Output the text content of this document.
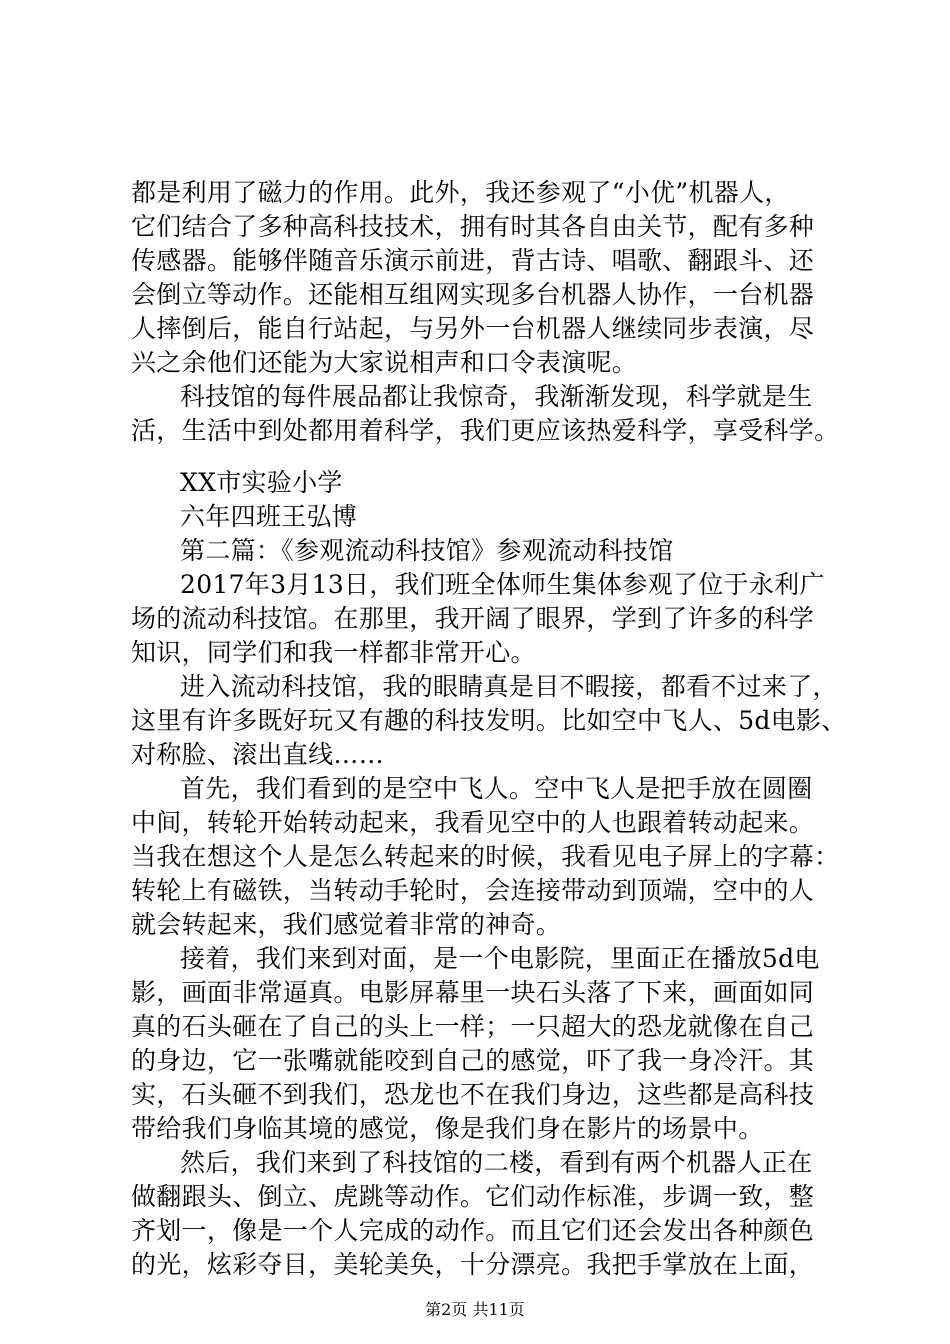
都是利用了磁力的作用。此外，我还参观了“小优”机器人，
它们结合了多种高科技技术，拥有时其各自由关节，配有多种
传感器。能够伴随音乐演示前进，背古诗、唱歌、翻跟斗、还
会倒立等动作。还能相互组网实现多台机器人协作，一台机器
人摔倒后，能自行站起，与另外一台机器人继续同步表演，尽
兴之余他们还能为大家说相声和口令表演呢。
科技馆的每件展品都让我惊奇，我渐渐发现，科学就是生
活，生活中到处都用着科学，我们更应该热爱科学，享受科学。
XX市实验小学
六年四班王弘博
第二篇：《参观流动科技馆》参观流动科技馆
2017年3月13日，我们班全体师生集体参观了位于永利广
场的流动科技馆。在那里，我开阔了眼界，学到了许多的科学
知识，同学们和我一样都非常开心。
进入流动科技馆，我的眼睛真是目不暇接，都看不过来了，
这里有许多既好玩又有趣的科技发明。比如空中飞人、5d电影、
对称脸、滚出直线……
首先，我们看到的是空中飞人。空中飞人是把手放在圆圈
中间，转轮开始转动起来，我看见空中的人也跟着转动起来。
当我在想这个人是怎么转起来的时候，我看见电子屏上的字幕：
转轮上有磁铁，当转动手轮时，会连接带动到顶端，空中的人
就会转起来，我们感觉着非常的神奇。
接着，我们来到对面，是一个电影院，里面正在播放5d电
影，画面非常逼真。电影屏幕里一块石头落了下来，画面如同
真的石头砸在了自己的头上一样；一只超大的恐龙就像在自己
的身边，它一张嘴就能咬到自己的感觉，吓了我一身冷汗。其
实，石头砸不到我们，恐龙也不在我们身边，这些都是高科技
带给我们身临其境的感觉，像是我们身在影片的场景中。
然后，我们来到了科技馆的二楼，看到有两个机器人正在
做翻跟头、倒立、虎跳等动作。它们动作标准，步调一致，整
齐划一，像是一个人完成的动作。而且它们还会发出各种颜色
的光，炫彩夺目，美轮美奂，十分漂亮。我把手掌放在上面，
第2页 共11页
